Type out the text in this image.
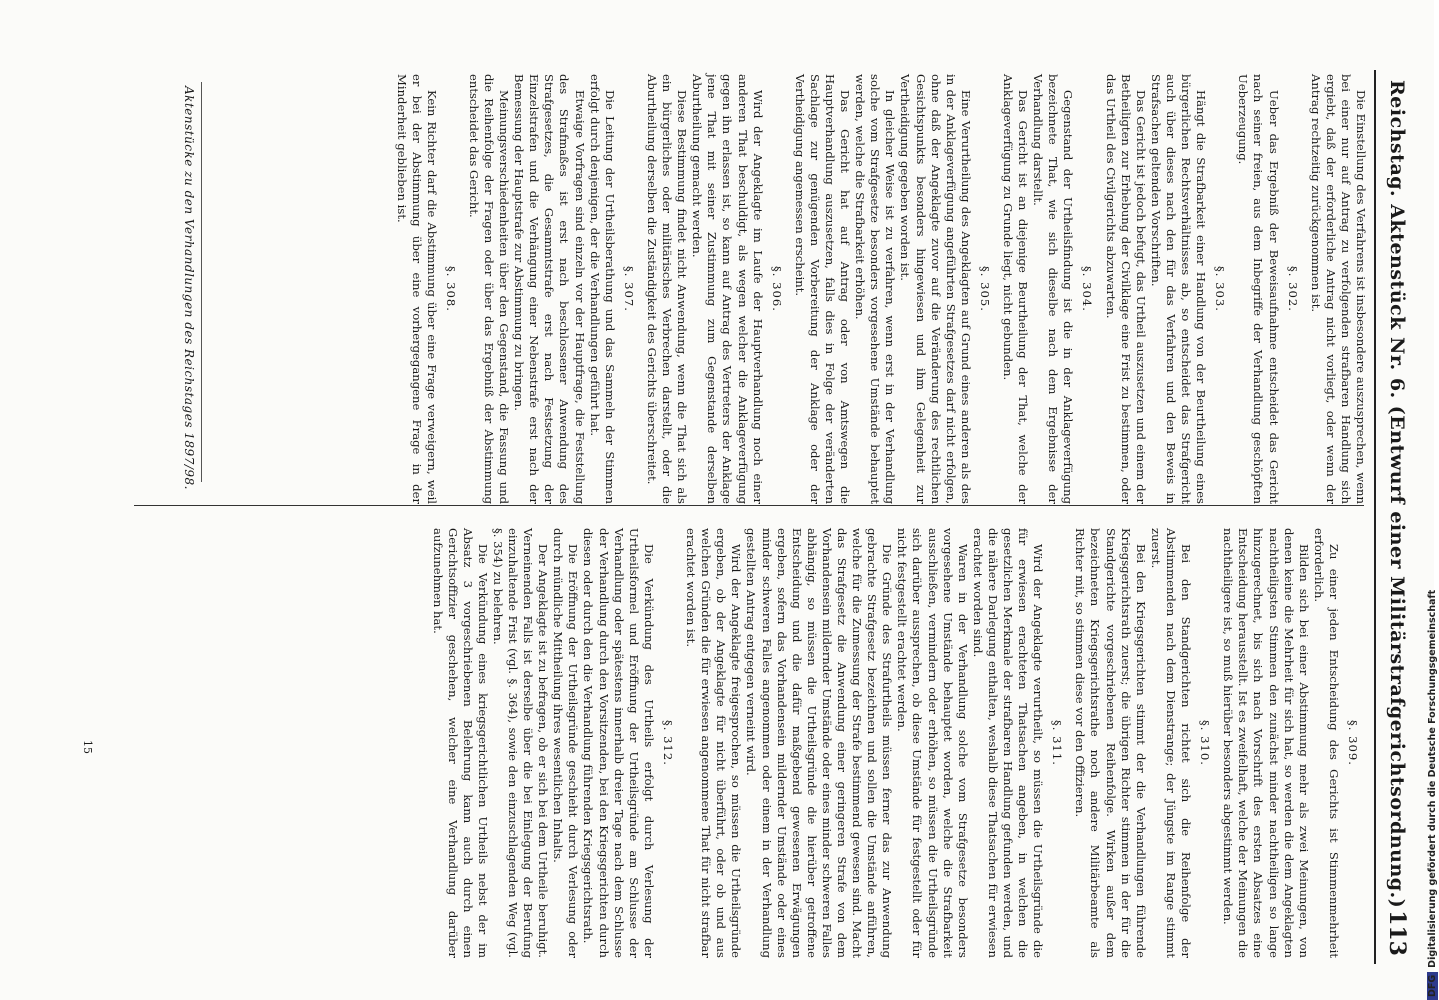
Reichstag. Aktenstück Nr. 6. (Entwurf einer Militärstrafgerichtsordnung.)
113

Die Einstellung des Verfahrens ist insbesondere auszusprechen, wenn bei einer nur auf Antrag zu verfolgenden strafbaren Handlung sich ergiebt, daß der erforderliche Antrag nicht vorliegt, oder wenn der Antrag rechtzeitig zurückgenommen ist.

§. 302.

Ueber das Ergebniß der Beweisaufnahme entscheidet das Gericht nach seiner freien, aus dem Inbegriffe der Verhandlung geschöpften Ueberzeugung.

§. 303.

Hängt die Strafbarkeit einer Handlung von der Beurtheilung eines bürgerlichen Rechtsverhältnisses ab, so entscheidet das Strafgericht auch über dieses nach den für das Verfahren und den Beweis in Strafsachen geltenden Vorschriften.

Das Gericht ist jedoch befugt, das Urtheil auszusetzen und einem der Betheiligten zur Erhebung der Civilklage eine Frist zu bestimmen, oder das Urtheil des Civilgerichts abzuwarten.

§. 304.

Gegenstand der Urtheilsfindung ist die in der Anklageverfügung bezeichnete That, wie sich dieselbe nach dem Ergebnisse der Verhandlung darstellt.

Das Gericht ist an diejenige Beurtheilung der That, welche der Anklageverfügung zu Grunde liegt, nicht gebunden.

§. 305.

Eine Verurtheilung des Angeklagten auf Grund eines anderen als des in der Anklageverfügung angeführten Strafgesetzes darf nicht erfolgen, ohne daß der Angeklagte zuvor auf die Veränderung des rechtlichen Gesichtspunkts besonders hingewiesen und ihm Gelegenheit zur Vertheidigung gegeben worden ist.

In gleicher Weise ist zu verfahren, wenn erst in der Verhandlung solche vom Strafgesetze besonders vorgesehene Umstände behauptet werden, welche die Strafbarkeit erhöhen.

Das Gericht hat auf Antrag oder von Amtswegen die Hauptverhandlung auszusetzen, falls dies in Folge der veränderten Sachlage zur genügenden Vorbereitung der Anklage oder der Vertheidigung angemessen erscheint.

§. 306.

Wird der Angeklagte im Laufe der Hauptverhandlung noch einer anderen That beschuldigt, als wegen welcher die Anklageverfügung gegen ihn erlassen ist, so kann auf Antrag des Vertreters der Anklage jene That mit seiner Zustimmung zum Gegenstande derselben Aburtheilung gemacht werden.

Diese Bestimmung findet nicht Anwendung, wenn die That sich als ein bürgerliches oder militärisches Verbrechen darstellt, oder die Aburtheilung derselben die Zuständigkeit des Gerichts überschreitet.

§. 307.

Die Leitung der Urtheilsberathung und das Sammeln der Stimmen erfolgt durch denjenigen, der die Verhandlungen geführt hat.

Etwaige Vorfragen sind einzeln vor der Hauptfrage, die Feststellung des Strafmaßes ist erst nach beschlossener Anwendung des Strafgesetzes, die Gesammtstrafe erst nach Festsetzung der Einzelstrafen und die Verhängung einer Nebenstrafe erst nach der Bemessung der Hauptstrafe zur Abstimmung zu bringen.

Meinungsverschiedenheiten über den Gegenstand, die Fassung und die Reihenfolge der Fragen oder über das Ergebniß der Abstimmung entscheidet das Gericht.

§. 308.

Kein Richter darf die Abstimmung über eine Frage verweigern, weil er bei der Abstimmung über eine vorhergegangene Frage in der Minderheit geblieben ist.

§. 309.

Zu einer jeden Entscheidung des Gerichts ist Stimmenmehrheit erforderlich.

Bilden sich bei einer Abstimmung mehr als zwei Meinungen, von denen keine die Mehrheit für sich hat, so werden die dem Angeklagten nachtheiligsten Stimmen den zunächst minder nachtheiligen so lange hinzugerechnet, bis sich nach Vorschrift des ersten Absatzes eine Entscheidung herausstellt. Ist es zweifelhaft, welche der Meinungen die nachtheiligere ist, so muß hierüber besonders abgestimmt werden.

§. 310.

Bei den Standgerichten richtet sich die Reihenfolge der Abstimmenden nach dem Dienstrange; der Jüngste im Range stimmt zuerst.

Bei den Kriegsgerichten stimmt der die Verhandlungen führende Kriegsgerichtsrath zuerst; die übrigen Richter stimmen in der für die Standgerichte vorgeschriebenen Reihenfolge. Wirken außer dem bezeichneten Kriegsgerichtsrathe noch andere Militärbeamte als Richter mit, so stimmen diese vor den Offizieren.

§. 311.

Wird der Angeklagte verurtheilt, so müssen die Urtheilsgründe die für erwiesen erachteten Thatsachen angeben, in welchen die gesetzlichen Merkmale der strafbaren Handlung gefunden werden, und die nähere Darlegung enthalten, weshalb diese Thatsachen für erwiesen erachtet worden sind.

Waren in der Verhandlung solche vom Strafgesetze besonders vorgesehene Umstände behauptet worden, welche die Strafbarkeit ausschließen, vermindern oder erhöhen, so müssen die Urtheilsgründe sich darüber aussprechen, ob diese Umstände für festgestellt oder für nicht festgestellt erachtet werden.

Die Gründe des Strafurtheils müssen ferner das zur Anwendung gebrachte Strafgesetz bezeichnen und sollen die Umstände anführen, welche für die Zumessung der Strafe bestimmend gewesen sind. Macht das Strafgesetz die Anwendung einer geringeren Strafe von dem Vorhandensein mildernder Umstände oder eines minder schweren Falles abhängig, so müssen die Urtheilsgründe die hierüber getroffene Entscheidung und die dafür maßgebend gewesenen Erwägungen ergeben, sofern das Vorhandensein mildernder Umstände oder eines minder schweren Falles angenommen oder einem in der Verhandlung gestellten Antrag entgegen verneint wird.

Wird der Angeklagte freigesprochen, so müssen die Urtheilsgründe ergeben, ob der Angeklagte für nicht überführt, oder ob und aus welchen Gründen die für erwiesen angenommene That für nicht strafbar erachtet worden ist.

§. 312.

Die Verkündung des Urtheils erfolgt durch Verlesung der Urtheilsformel und Eröffnung der Urtheilsgründe am Schlusse der Verhandlung oder spätestens innerhalb dreier Tage nach dem Schlusse der Verhandlung durch den Vorsitzenden, bei den Kriegsgerichten durch diesen oder durch den die Verhandlung führenden Kriegsgerichtsrath.

Die Eröffnung der Urtheilsgründe geschieht durch Verlesung oder durch mündliche Mittheilung ihres wesentlichen Inhalts.

Der Angeklagte ist zu befragen, ob er sich bei dem Urtheile beruhigt. Verneinenden Falls ist derselbe über die bei Einlegung der Berufung einzuhaltende Frist (vgl. §. 364), sowie den einzuschlagenden Weg (vgl. §. 354) zu belehren.

Die Verkündung eines kriegsgerichtlichen Urtheils nebst der im Absatz 3 vorgeschriebenen Belehrung kann auch durch einen Gerichtsoffizier geschehen, welcher eine Verhandlung darüber aufzunehmen hat.

Aktenstücke zu den Verhandlungen des Reichstages 1897/98.
15
DFGDigitalisierung gefördert durch die Deutsche Forschungsgemeinschaft
